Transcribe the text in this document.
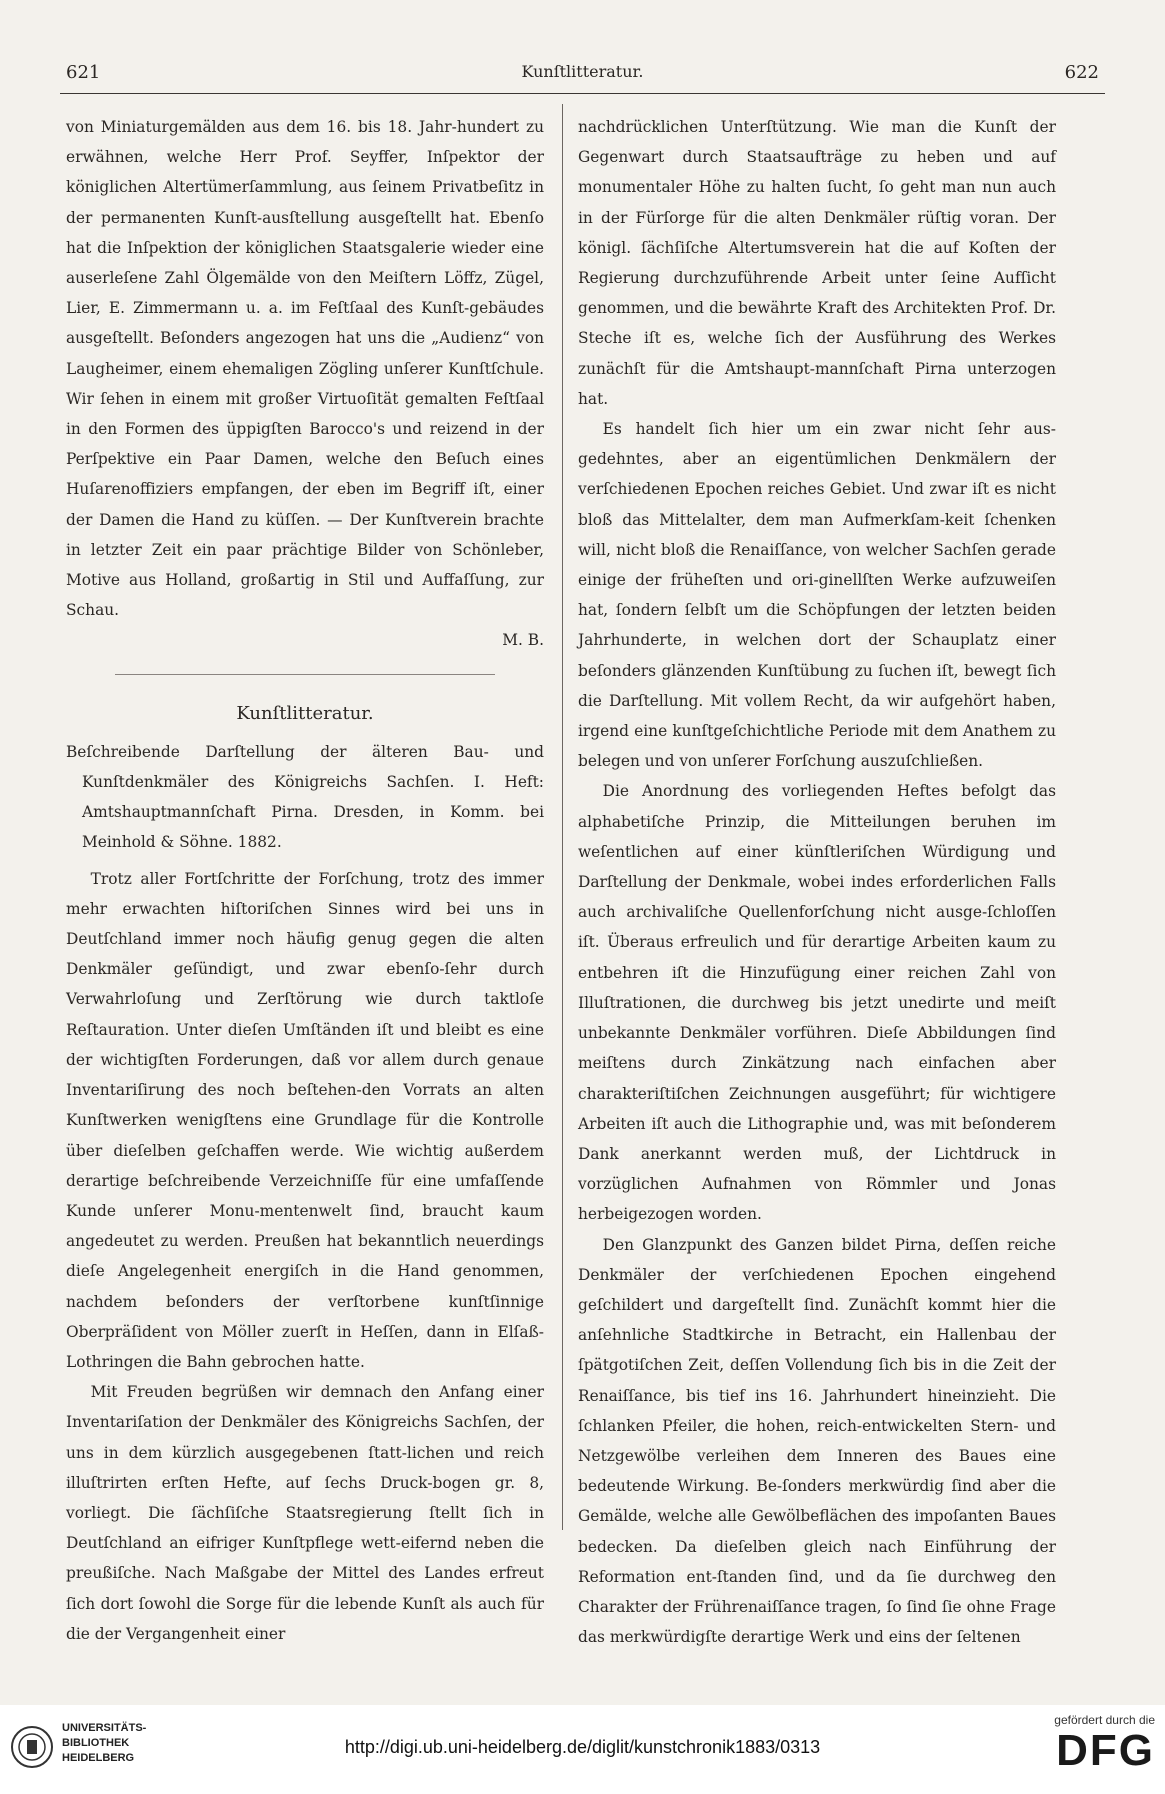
621	Kunſtlitteratur.	622

von Miniaturgemälden aus dem 16. bis 18. Jahr-hundert zu erwähnen, welche Herr Prof. Seyffer, Inſpektor der königlichen Altertümerſammlung, aus ſeinem Privatbeſitz in der permanenten Kunſt-ausſtellung ausgeſtellt hat. Ebenſo hat die Inſpektion der königlichen Staatsgalerie wieder eine auserleſene Zahl Ölgemälde von den Meiſtern Löffz, Zügel, Lier, E. Zimmermann u. a. im Feſtſaal des Kunſt-gebäudes ausgeſtellt. Beſonders angezogen hat uns die „Audienz“ von Laugheimer, einem ehemaligen Zögling unſerer Kunſtſchule. Wir ſehen in einem mit großer Virtuoſität gemalten Feſtſaal in den Formen des üppigſten Barocco's und reizend in der Perſpektive ein Paar Damen, welche den Beſuch eines Huſarenoffiziers empfangen, der eben im Begriff iſt, einer der Damen die Hand zu küſſen. — Der Kunſtverein brachte in letzter Zeit ein paar prächtige Bilder von Schönleber, Motive aus Holland, großartig in Stil und Auffaſſung, zur Schau.

M. B.

Kunſtlitteratur.
Beſchreibende Darſtellung der älteren Bau- und Kunſtdenkmäler des Königreichs Sachſen. I. Heft: Amtshauptmannſchaft Pirna. Dresden, in Komm. bei Meinhold & Söhne. 1882.

Trotz aller Fortſchritte der Forſchung, trotz des immer mehr erwachten hiſtoriſchen Sinnes wird bei uns in Deutſchland immer noch häufig genug gegen die alten Denkmäler geſündigt, und zwar ebenſo-ſehr durch Verwahrloſung und Zerſtörung wie durch taktloſe Reſtauration. Unter dieſen Umſtänden iſt und bleibt es eine der wichtigſten Forderungen, daß vor allem durch genaue Inventariſirung des noch beſtehen-den Vorrats an alten Kunſtwerken wenigſtens eine Grundlage für die Kontrolle über dieſelben geſchaffen werde. Wie wichtig außerdem derartige beſchreibende Verzeichniſſe für eine umfaſſende Kunde unſerer Monu-mentenwelt ſind, braucht kaum angedeutet zu werden. Preußen hat bekanntlich neuerdings dieſe Angelegenheit energiſch in die Hand genommen, nachdem beſonders der verſtorbene kunſtſinnige Oberpräſident von Möller zuerſt in Heſſen, dann in Elſaß-Lothringen die Bahn gebrochen hatte.

Mit Freuden begrüßen wir demnach den Anfang einer Inventariſation der Denkmäler des Königreichs Sachſen, der uns in dem kürzlich ausgegebenen ſtatt-lichen und reich illuſtrirten erſten Hefte, auf ſechs Druck-bogen gr. 8, vorliegt. Die ſächſiſche Staatsregierung ſtellt ſich in Deutſchland an eifriger Kunſtpflege wett-eifernd neben die preußiſche. Nach Maßgabe der Mittel des Landes erfreut ſich dort ſowohl die Sorge für die lebende Kunſt als auch für die der Vergangenheit einer

nachdrücklichen Unterſtützung. Wie man die Kunſt der Gegenwart durch Staatsaufträge zu heben und auf monumentaler Höhe zu halten ſucht, ſo geht man nun auch in der Fürſorge für die alten Denkmäler rüſtig voran. Der königl. ſächſiſche Altertumsverein hat die auf Koſten der Regierung durchzuführende Arbeit unter ſeine Aufſicht genommen, und die bewährte Kraft des Architekten Prof. Dr. Steche iſt es, welche ſich der Ausführung des Werkes zunächſt für die Amtshaupt-mannſchaft Pirna unterzogen hat.

Es handelt ſich hier um ein zwar nicht ſehr aus-gedehntes, aber an eigentümlichen Denkmälern der verſchiedenen Epochen reiches Gebiet. Und zwar iſt es nicht bloß das Mittelalter, dem man Aufmerkſam-keit ſchenken will, nicht bloß die Renaiſſance, von welcher Sachſen gerade einige der früheſten und ori-ginellſten Werke aufzuweiſen hat, ſondern ſelbſt um die Schöpfungen der letzten beiden Jahrhunderte, in welchen dort der Schauplatz einer beſonders glänzenden Kunſtübung zu ſuchen iſt, bewegt ſich die Darſtellung. Mit vollem Recht, da wir aufgehört haben, irgend eine kunſtgeſchichtliche Periode mit dem Anathem zu belegen und von unſerer Forſchung auszuſchließen.

Die Anordnung des vorliegenden Heftes befolgt das alphabetiſche Prinzip, die Mitteilungen beruhen im weſentlichen auf einer künſtleriſchen Würdigung und Darſtellung der Denkmale, wobei indes erforderlichen Falls auch archivaliſche Quellenforſchung nicht ausge-ſchloſſen iſt. Überaus erfreulich und für derartige Arbeiten kaum zu entbehren iſt die Hinzufügung einer reichen Zahl von Illuſtrationen, die durchweg bis jetzt unedirte und meiſt unbekannte Denkmäler vorführen. Dieſe Abbildungen ſind meiſtens durch Zinkätzung nach einfachen aber charakteriſtiſchen Zeichnungen ausgeführt; für wichtigere Arbeiten iſt auch die Lithographie und, was mit beſonderem Dank anerkannt werden muß, der Lichtdruck in vorzüglichen Aufnahmen von Römmler und Jonas herbeigezogen worden.

Den Glanzpunkt des Ganzen bildet Pirna, deſſen reiche Denkmäler der verſchiedenen Epochen eingehend geſchildert und dargeſtellt ſind. Zunächſt kommt hier die anſehnliche Stadtkirche in Betracht, ein Hallenbau der ſpätgotiſchen Zeit, deſſen Vollendung ſich bis in die Zeit der Renaiſſance, bis tief ins 16. Jahrhundert hineinzieht. Die ſchlanken Pfeiler, die hohen, reich-entwickelten Stern- und Netzgewölbe verleihen dem Inneren des Baues eine bedeutende Wirkung. Be-ſonders merkwürdig ſind aber die Gemälde, welche alle Gewölbeflächen des impoſanten Baues bedecken. Da dieſelben gleich nach Einführung der Reformation ent-ſtanden ſind, und da ſie durchweg den Charakter der Frührenaiſſance tragen, ſo ſind ſie ohne Frage das merkwürdigſte derartige Werk und eins der ſeltenen

UNIVERSITÄTS-
BIBLIOTHEK
HEIDELBERG
http://digi.ub.uni-heidelberg.de/diglit/kunstchronik1883/0313
gefördert durch die
DFG
